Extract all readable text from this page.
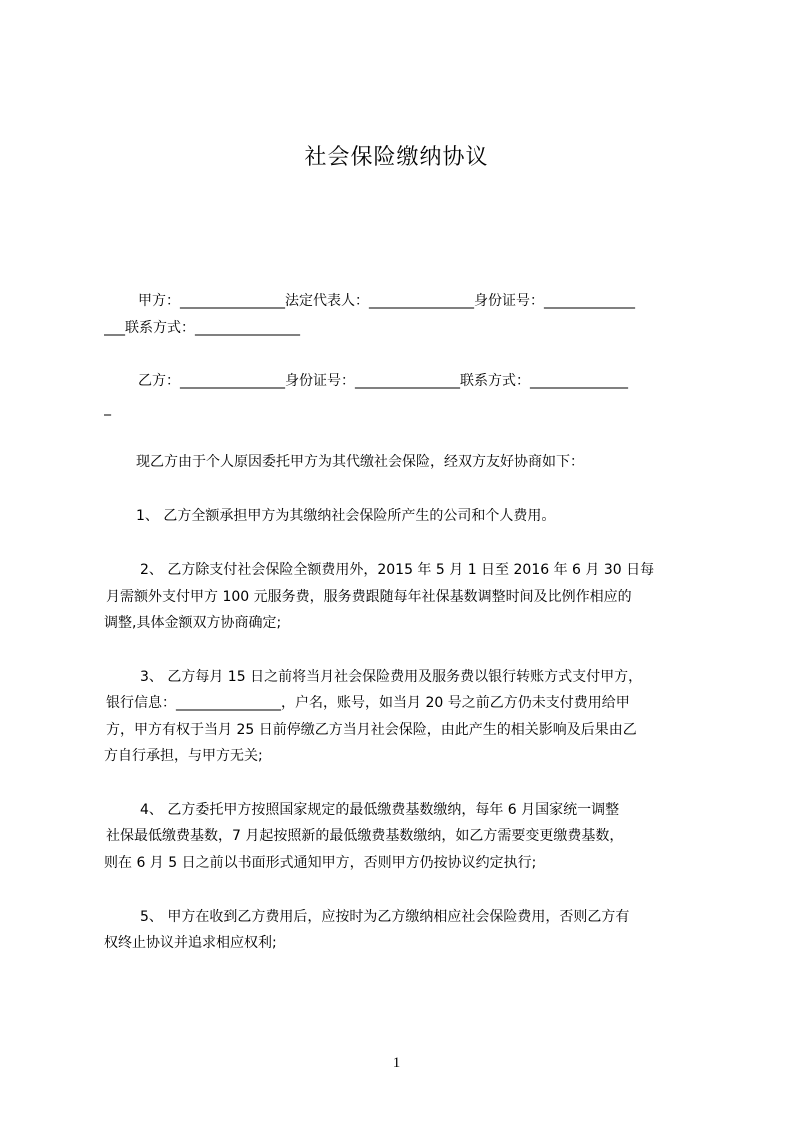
社会保险缴纳协议

甲方：_______________法定代表人：_______________身份证号：_____________

___联系方式：_______________

乙方：_______________身份证号：_______________联系方式：______________

_

现乙方由于个人原因委托甲方为其代缴社会保险，经双方友好协商如下：

1、 乙方全额承担甲方为其缴纳社会保险所产生的公司和个人费用。

2、 乙方除支付社会保险全额费用外，2015 年 5 月 1 日至 2016 年 6 月 30 日每

月需额外支付甲方 100 元服务费，服务费跟随每年社保基数调整时间及比例作相应的

调整,具体金额双方协商确定;

3、 乙方每月 15 日之前将当月社会保险费用及服务费以银行转账方式支付甲方，

银行信息：_______________，户名，账号，如当月 20 号之前乙方仍未支付费用给甲

方，甲方有权于当月 25 日前停缴乙方当月社会保险，由此产生的相关影响及后果由乙

方自行承担，与甲方无关;

4、 乙方委托甲方按照国家规定的最低缴费基数缴纳，每年 6 月国家统一调整

社保最低缴费基数，7 月起按照新的最低缴费基数缴纳，如乙方需要变更缴费基数，

则在 6 月 5 日之前以书面形式通知甲方，否则甲方仍按协议约定执行;

5、 甲方在收到乙方费用后，应按时为乙方缴纳相应社会保险费用，否则乙方有

权终止协议并追求相应权利;

1
